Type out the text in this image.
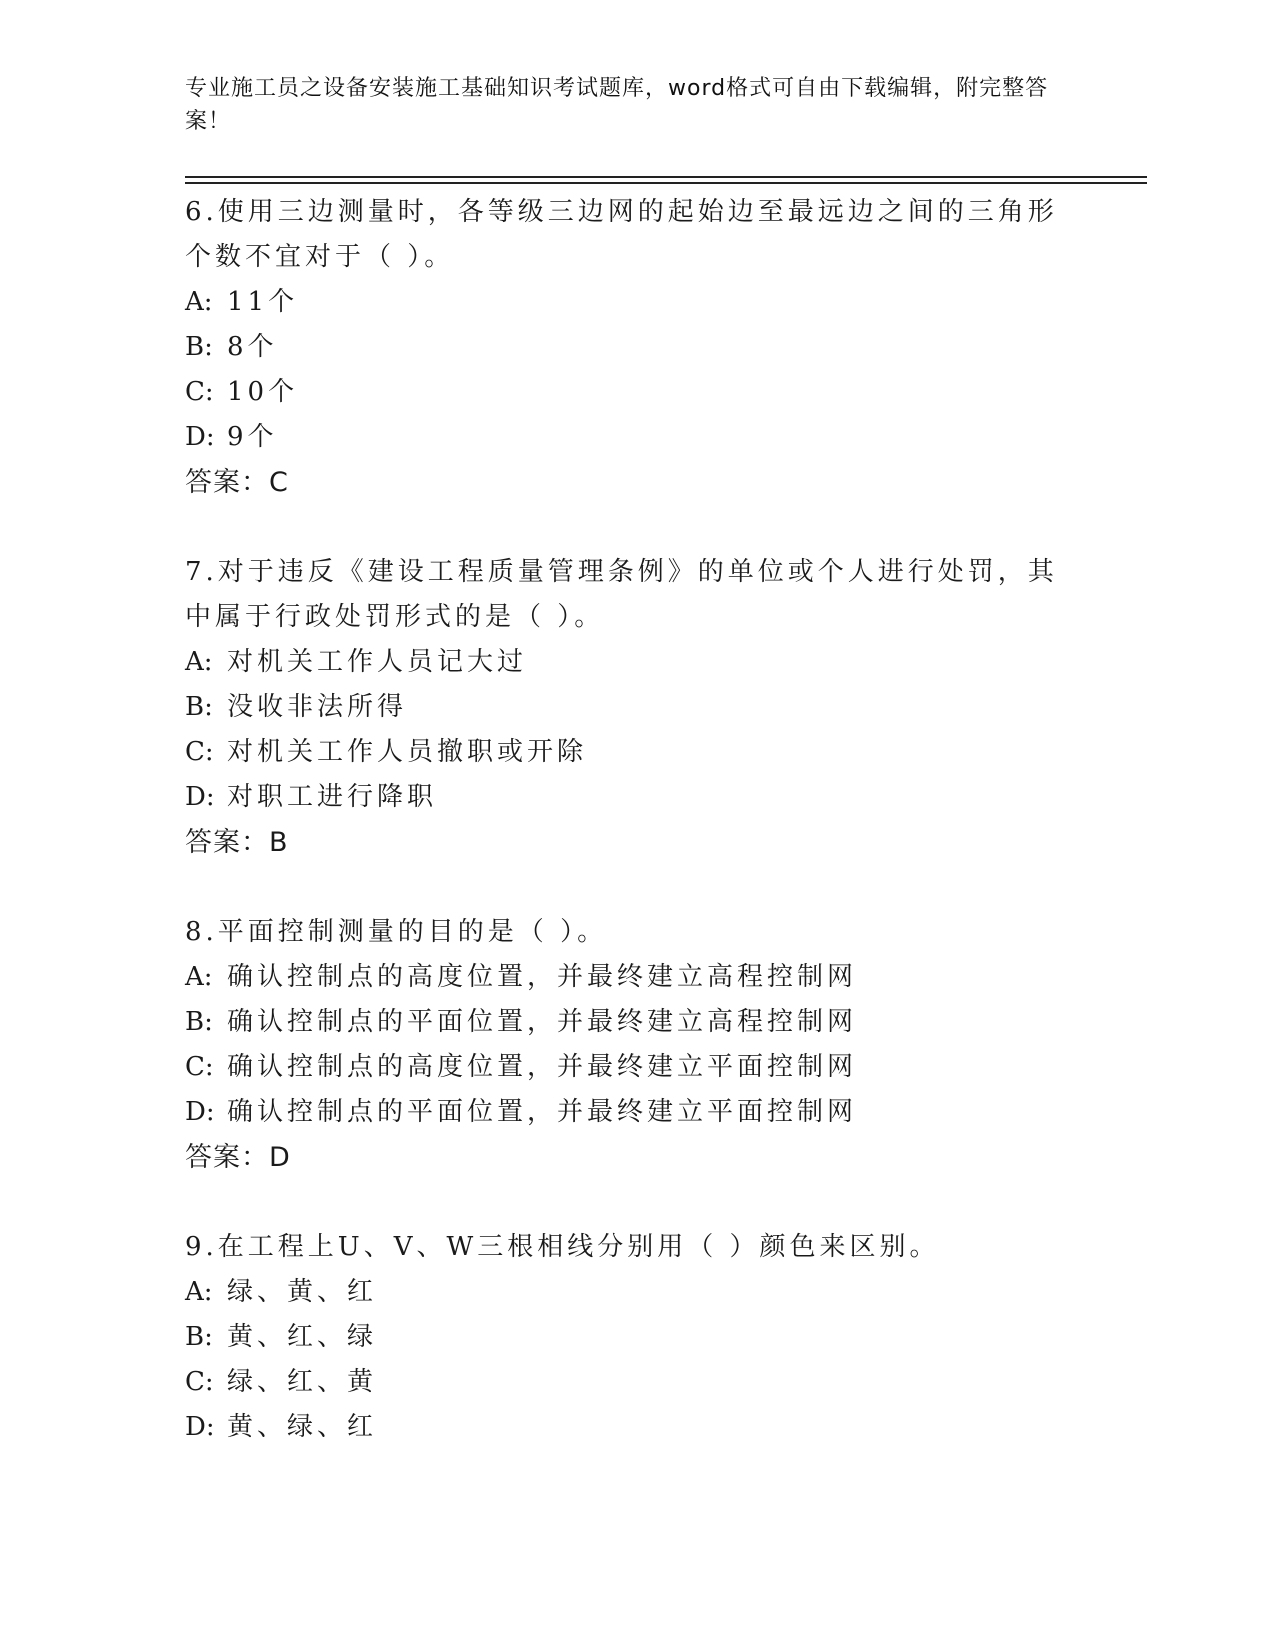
专业施工员之设备安装施工基础知识考试题库，word格式可自由下载编辑，附完整答案！
6.使用三边测量时，各等级三边网的起始边至最远边之间的三角形个数不宜对于（ ）。
A: 11个
B: 8个
C: 10个
D: 9个
答案：C
7.对于违反《建设工程质量管理条例》的单位或个人进行处罚，其中属于行政处罚形式的是（ ）。
A: 对机关工作人员记大过
B: 没收非法所得
C: 对机关工作人员撤职或开除
D: 对职工进行降职
答案：B
8.平面控制测量的目的是（ ）。
A: 确认控制点的高度位置，并最终建立高程控制网
B: 确认控制点的平面位置，并最终建立高程控制网
C: 确认控制点的高度位置，并最终建立平面控制网
D: 确认控制点的平面位置，并最终建立平面控制网
答案：D
9.在工程上U、V、W三根相线分别用（ ）颜色来区别。
A: 绿、黄、红
B: 黄、红、绿
C: 绿、红、黄
D: 黄、绿、红
